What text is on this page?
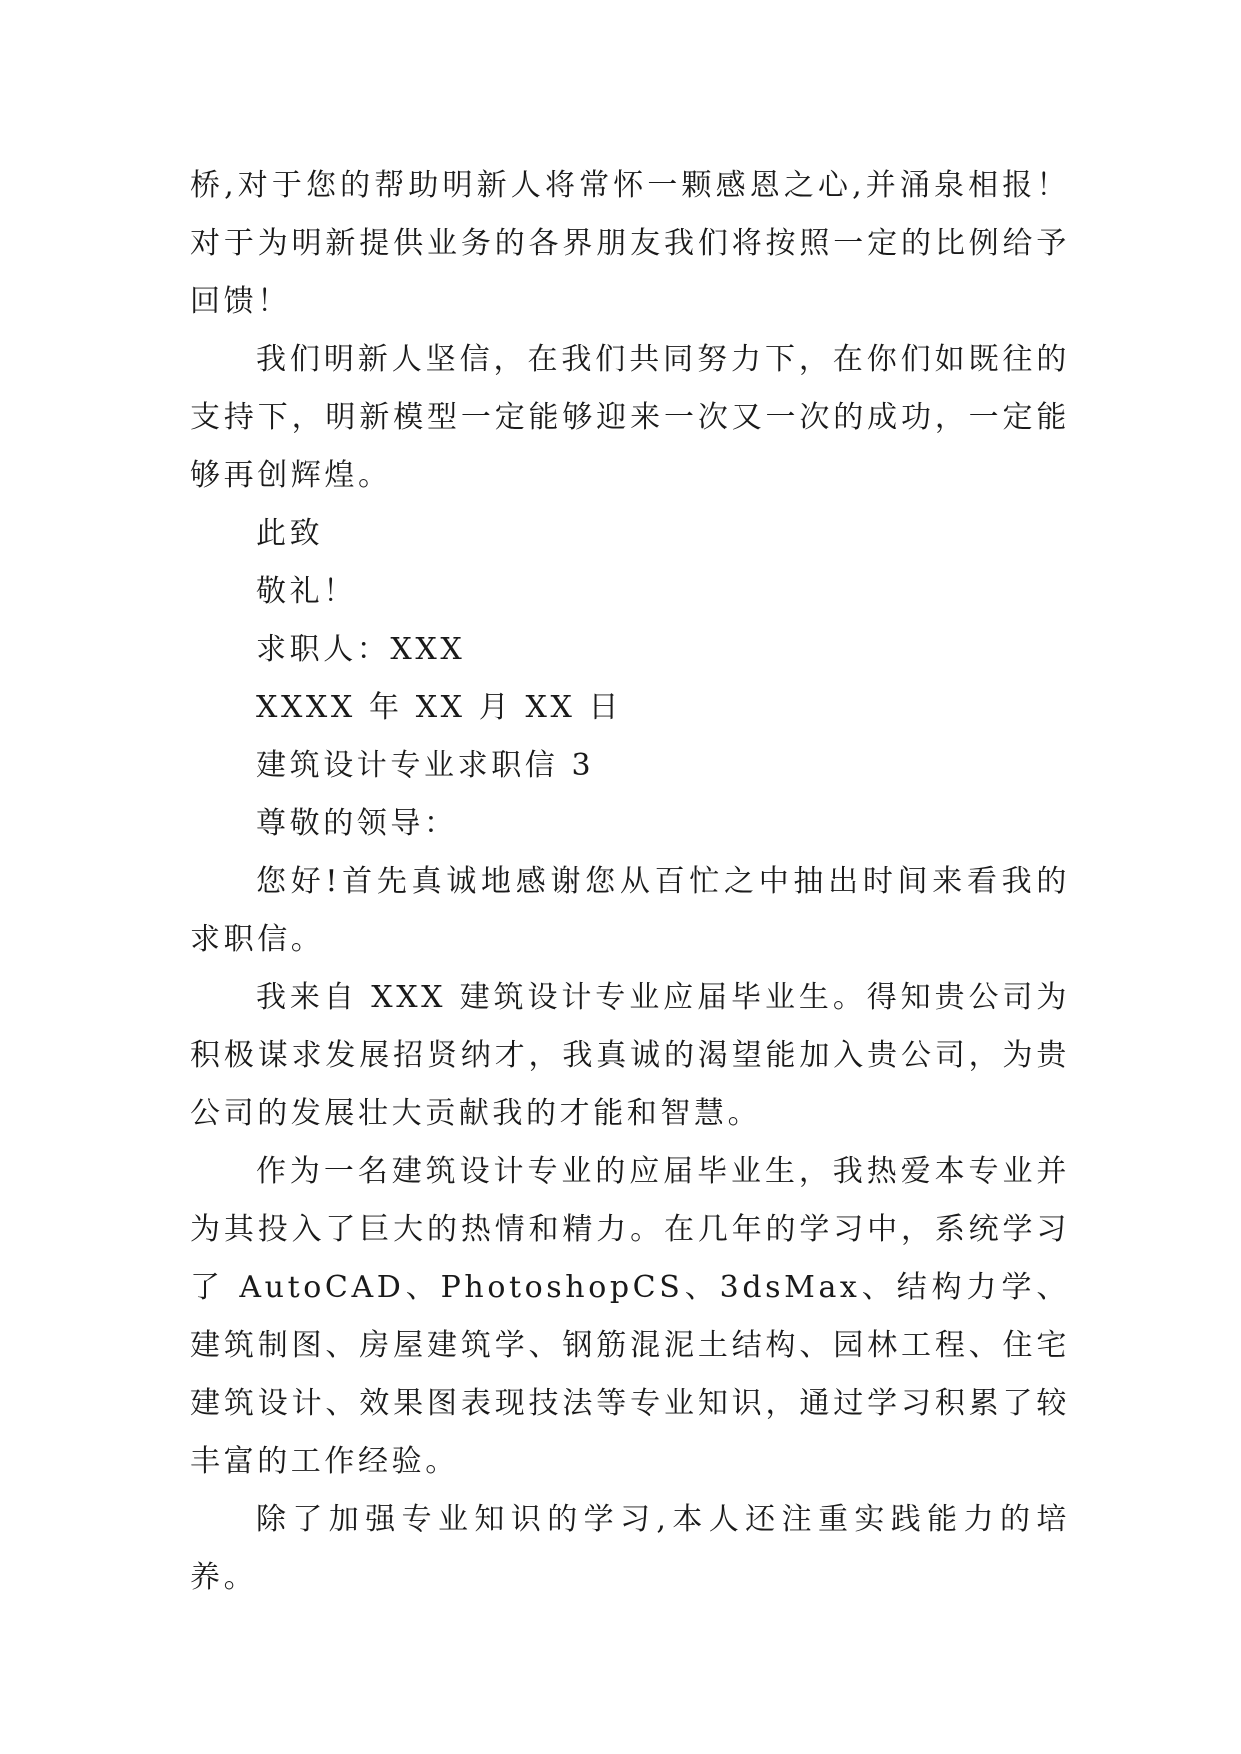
桥,对于您的帮助明新人将常怀一颗感恩之心,并涌泉相报！对于为明新提供业务的各界朋友我们将按照一定的比例给予回馈！

我们明新人坚信，在我们共同努力下，在你们如既往的支持下，明新模型一定能够迎来一次又一次的成功，一定能够再创辉煌。

此致

敬礼！

求职人：XXX

XXXX 年 XX 月 XX 日

建筑设计专业求职信 3

尊敬的领导：

您好!首先真诚地感谢您从百忙之中抽出时间来看我的求职信。

我来自 XXX 建筑设计专业应届毕业生。得知贵公司为积极谋求发展招贤纳才，我真诚的渴望能加入贵公司，为贵公司的发展壮大贡献我的才能和智慧。

作为一名建筑设计专业的应届毕业生，我热爱本专业并为其投入了巨大的热情和精力。在几年的学习中，系统学习了 AutoCAD、PhotoshopCS、3dsMax、结构力学、建筑制图、房屋建筑学、钢筋混泥土结构、园林工程、住宅建筑设计、效果图表现技法等专业知识，通过学习积累了较丰富的工作经验。

除了加强专业知识的学习,本人还注重实践能力的培养。
